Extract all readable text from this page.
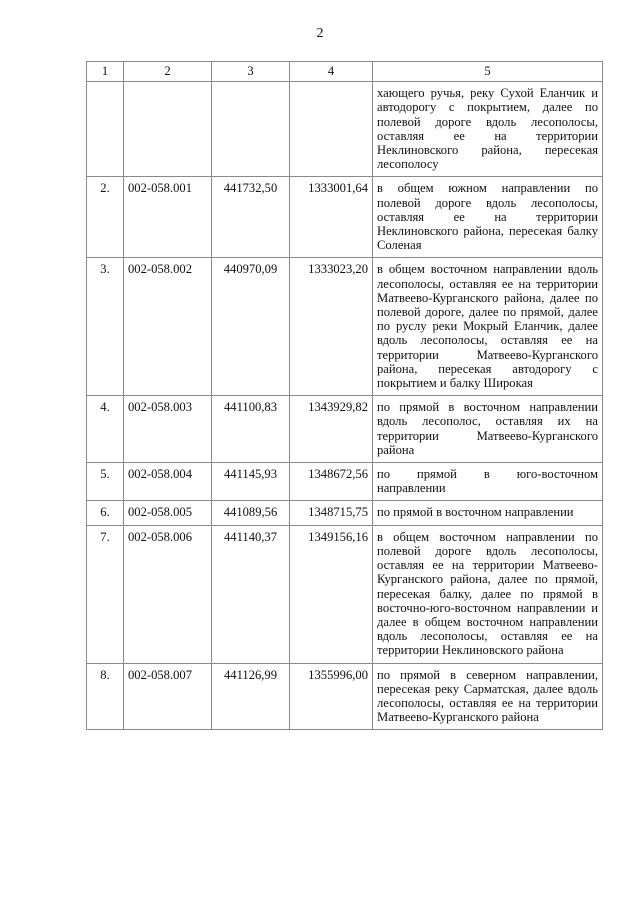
2
1	2	3	4	5
				хающего ручья, реку Сухой Еланчик и автодорогу с покрытием, далее по полевой дороге вдоль лесополосы, оставляя ее на территории Неклиновского района, пересекая лесополосу
2.	002-058.001	441732,50	1333001,64	в общем южном направлении по полевой дороге вдоль лесополосы, оставляя ее на территории Неклиновского района, пересекая балку Соленая
3.	002-058.002	440970,09	1333023,20	в общем восточном направлении вдоль лесополосы, оставляя ее на территории Матвеево-Курганского района, далее по полевой дороге, далее по прямой, далее по руслу реки Мокрый Еланчик, далее вдоль лесополосы, оставляя ее на территории Матвеево-Курганского района, пересекая автодорогу с покрытием и балку Широкая
4.	002-058.003	441100,83	1343929,82	по прямой в восточном направлении вдоль лесополос, оставляя их на территории Матвеево-Курганского района
5.	002-058.004	441145,93	1348672,56	по прямой в юго-восточном направлении
6.	002-058.005	441089,56	1348715,75	по прямой в восточном направлении
7.	002-058.006	441140,37	1349156,16	в общем восточном направлении по полевой дороге вдоль лесополосы, оставляя ее на территории Матвеево-Курганского района, далее по прямой, пересекая балку, далее по прямой в восточно-юго-восточном направлении и далее в общем восточном направлении вдоль лесополосы, оставляя ее на территории Неклиновского района
8.	002-058.007	441126,99	1355996,00	по прямой в северном направлении, пересекая реку Сарматская, далее вдоль лесополосы, оставляя ее на территории Матвеево-Курганского района
